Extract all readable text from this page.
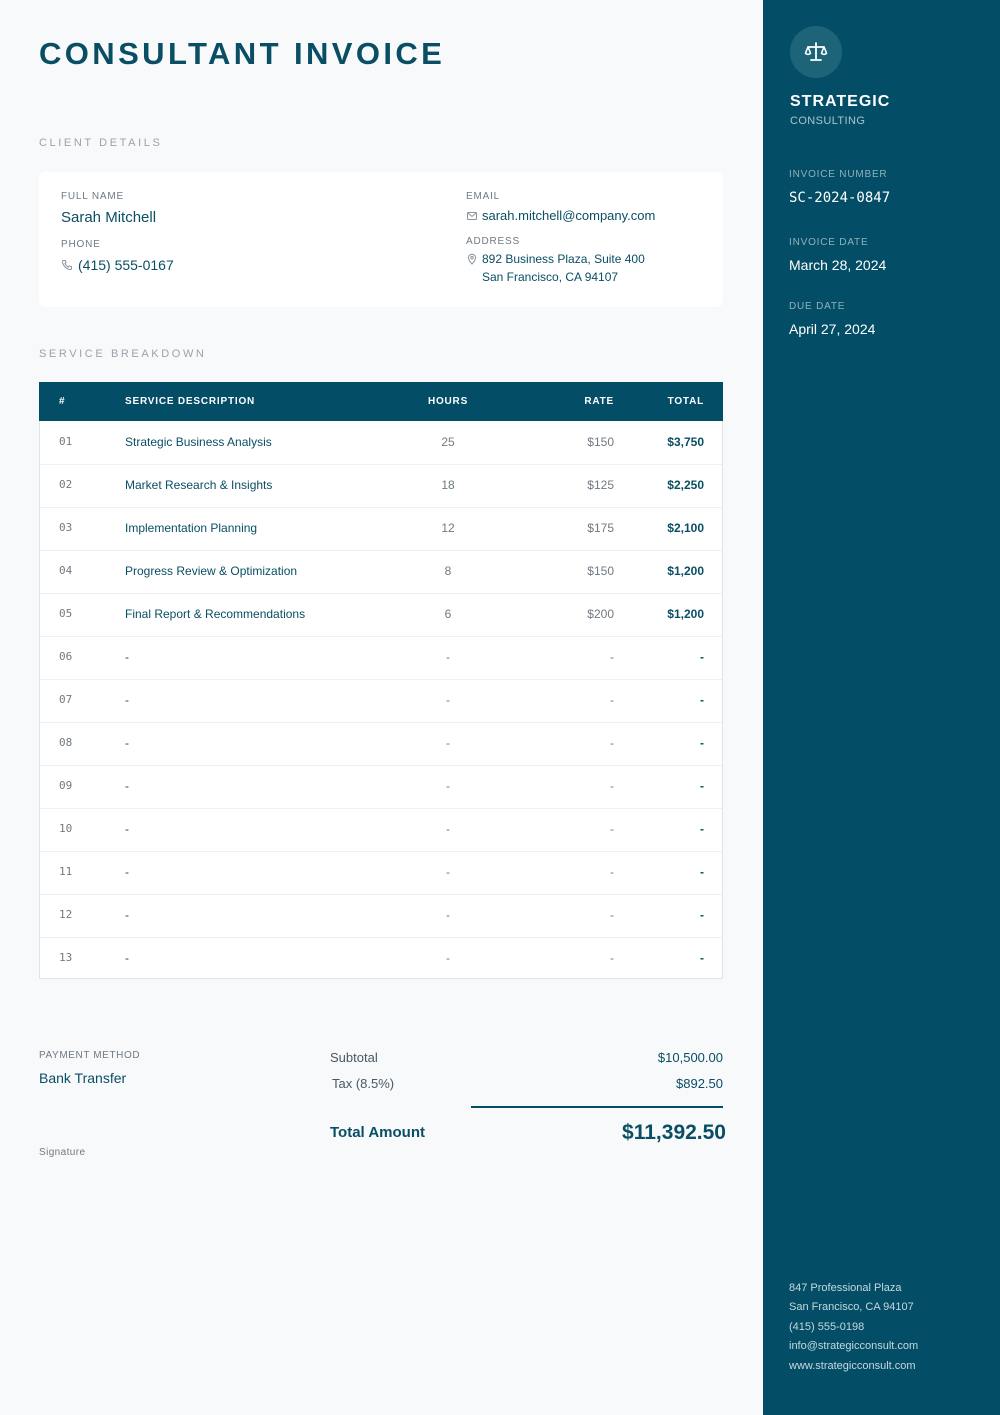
CONSULTANT INVOICE
CLIENT DETAILS
FULL NAME
Sarah Mitchell
PHONE
(415) 555-0167
EMAIL
sarah.mitchell@company.com
ADDRESS
892 Business Plaza, Suite 400
San Francisco, CA 94107
SERVICE BREAKDOWN
#	SERVICE DESCRIPTION	HOURS	RATE	TOTAL
01	Strategic Business Analysis	25	$150	$3,750
02	Market Research & Insights	18	$125	$2,250
03	Implementation Planning	12	$175	$2,100
04	Progress Review & Optimization	8	$150	$1,200
05	Final Report & Recommendations	6	$200	$1,200
06	-	-	-	-
07	-	-	-	-
08	-	-	-	-
09	-	-	-	-
10	-	-	-	-
11	-	-	-	-
12	-	-	-	-
13	-	-	-	-
PAYMENT METHOD
Bank Transfer
Signature
Subtotal	$10,500.00
Tax (8.5%)	$892.50
Total Amount	$11,392.50
STRATEGIC
CONSULTING
INVOICE NUMBER
SC-2024-0847
INVOICE DATE
March 28, 2024
DUE DATE
April 27, 2024
847 Professional Plaza
San Francisco, CA 94107
(415) 555-0198
info@strategicconsult.com
www.strategicconsult.com
